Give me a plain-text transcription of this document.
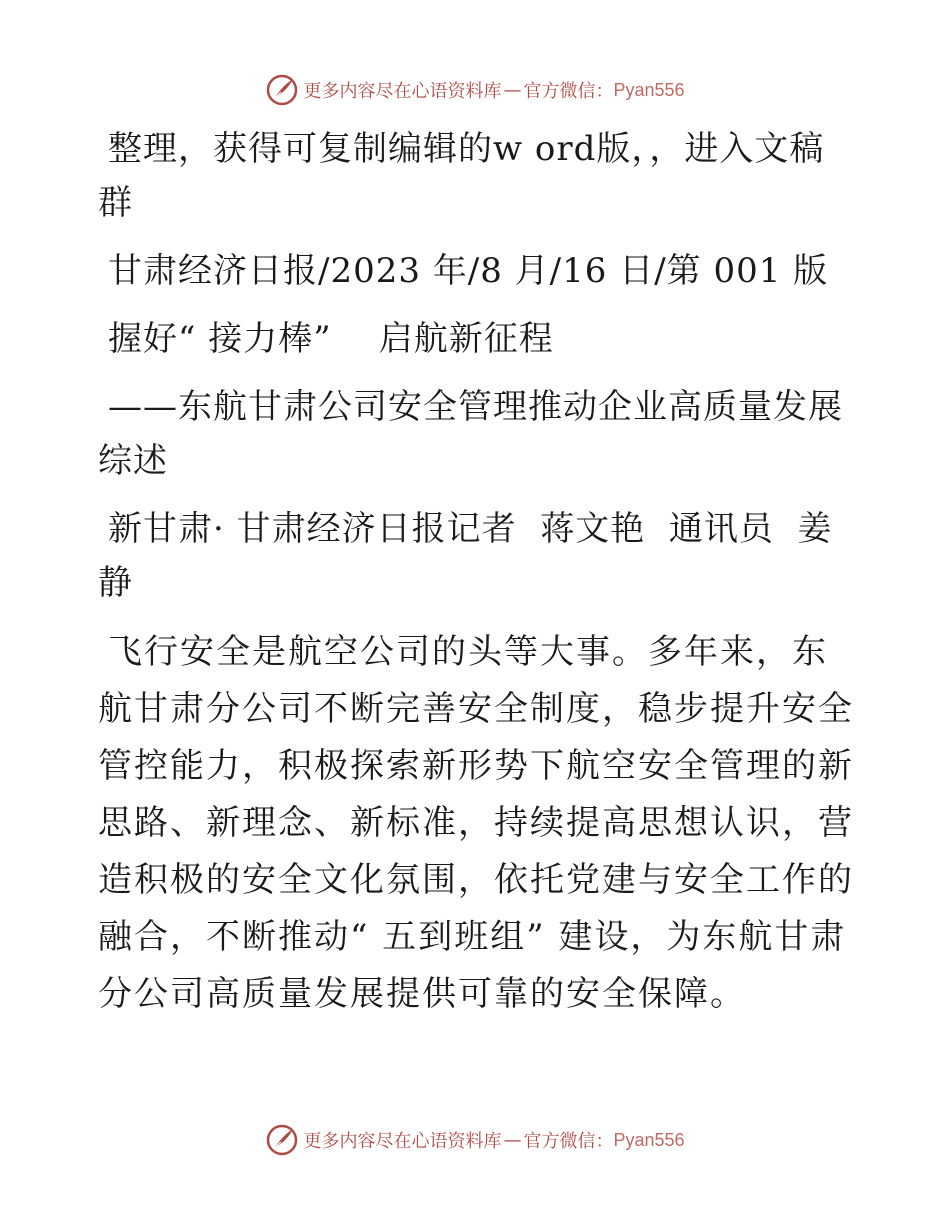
更多内容尽在心语资料库 — 官方微信： Pyan556

整理，获得可复制编辑的w ord版，，进入文稿群

甘肃经济日报/2023 年/8 月/16 日/第 001 版

握好“ 接力棒”    启航新征程

——东航甘肃公司安全管理推动企业高质量发展综述

新甘肃· 甘肃经济日报记者  蒋文艳  通讯员  姜静

飞行安全是航空公司的头等大事。多年来，东航甘肃分公司不断完善安全制度，稳步提升安全管控能力，积极探索新形势下航空安全管理的新思路、新理念、新标准，持续提高思想认识，营造积极的安全文化氛围，依托党建与安全工作的融合，不断推动“ 五到班组” 建设，为东航甘肃分公司高质量发展提供可靠的安全保障。

更多内容尽在心语资料库 — 官方微信： Pyan556
